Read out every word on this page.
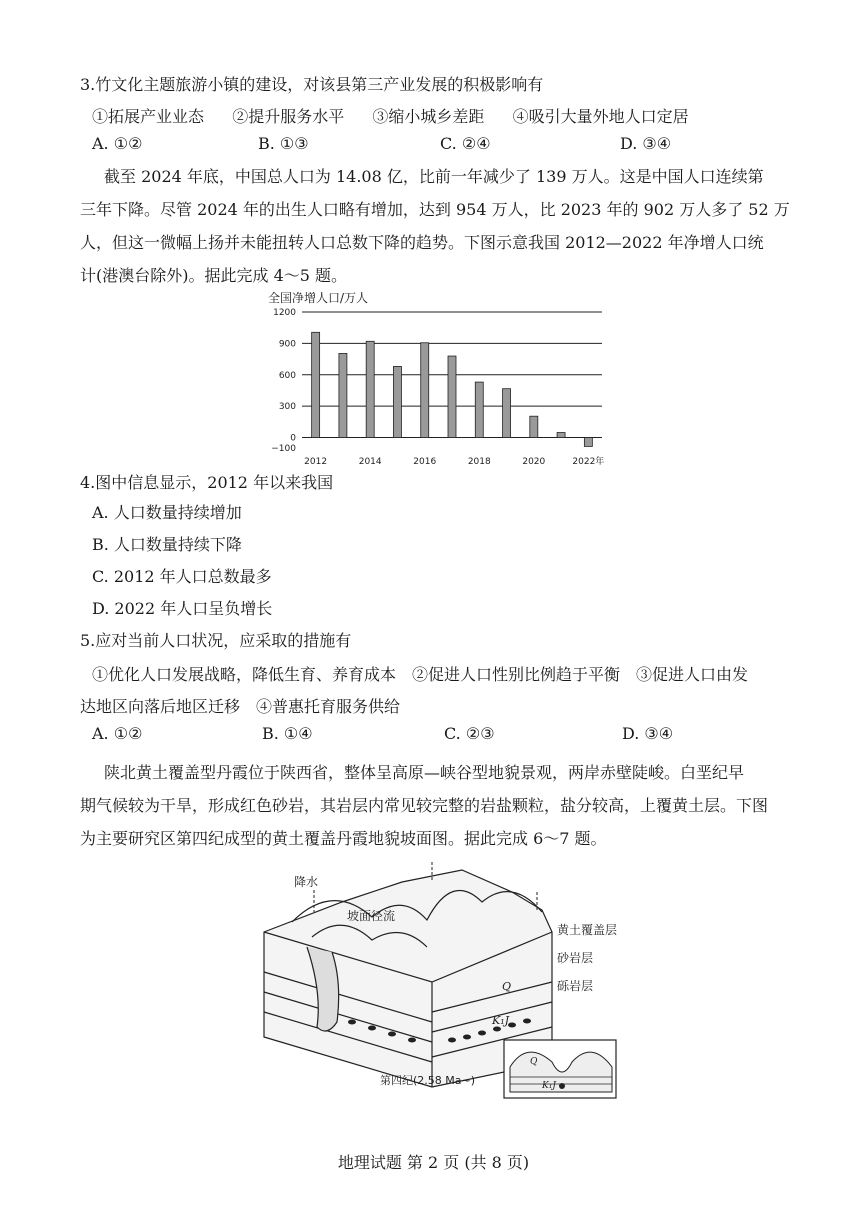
3.竹文化主题旅游小镇的建设，对该县第三产业发展的积极影响有
①拓展产业业态 ②提升服务水平 ③缩小城乡差距 ④吸引大量外地人口定居
A. ①②	B. ①③	C. ②④	D. ③④
截至 2024 年底，中国总人口为 14.08 亿，比前一年减少了 139 万人。这是中国人口连续第
三年下降。尽管 2024 年的出生人口略有增加，达到 954 万人，比 2023 年的 902 万人多了 52 万
人，但这一微幅上扬并未能扭转人口总数下降的趋势。下图示意我国 2012—2022 年净增人口统
计(港澳台除外)。据此完成 4～5 题。
全国净增人口/万人
1200
900
600
300
0
−100
2012	2014	2016	2018	2020	2022年
4.图中信息显示，2012 年以来我国
A. 人口数量持续增加
B. 人口数量持续下降
C. 2012 年人口总数最多
D. 2022 年人口呈负增长
5.应对当前人口状况，应采取的措施有
①优化人口发展战略，降低生育、养育成本　②促进人口性别比例趋于平衡　③促进人口由发
达地区向落后地区迁移　④普惠托育服务供给
A. ①②	B. ①④	C. ②③	D. ③④
陕北黄土覆盖型丹霞位于陕西省，整体呈高原—峡谷型地貌景观，两岸赤壁陡峻。白垩纪早
期气候较为干旱，形成红色砂岩，其岩层内常见较完整的岩盐颗粒，盐分较高，上覆黄土层。下图
为主要研究区第四纪成型的黄土覆盖丹霞地貌坡面图。据此完成 6～7 题。
降水
坡面径流
黄土覆盖层
砂岩层
砾岩层
Q
K₁J
第四纪(2.58 Ma~)
Q
K₁J
地理试题 第 2 页 (共 8 页)
